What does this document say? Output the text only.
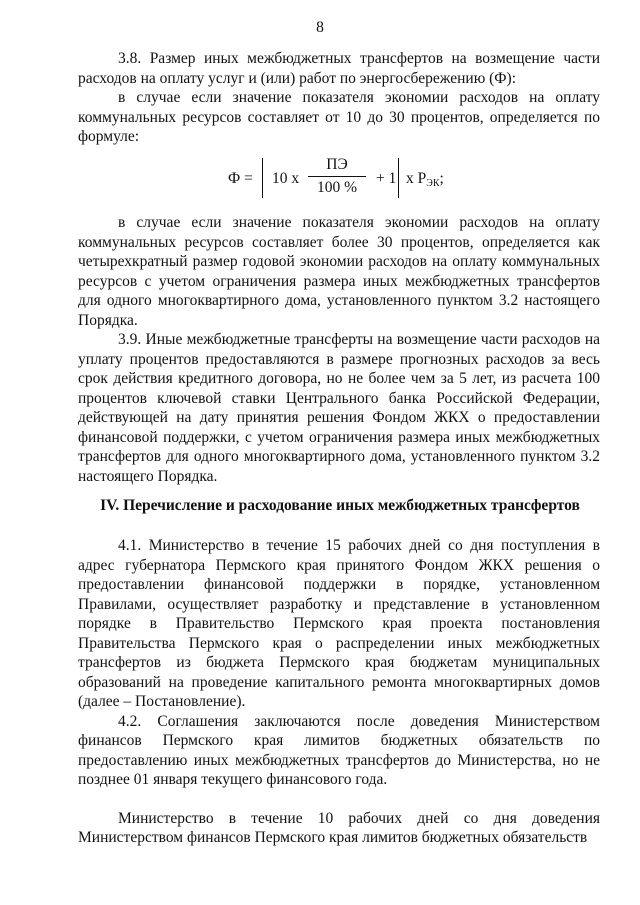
8

3.8. Размер иных межбюджетных трансфертов на возмещение части расходов на оплату услуг и (или) работ по энергосбережению (Ф):

в случае если значение показателя экономии расходов на оплату коммунальных ресурсов составляет от 10 до 30 процентов, определяется по формуле:

Ф = 10 x
ПЭ
100 %
+ 1 x $Р_{ЭК}$;

в случае если значение показателя экономии расходов на оплату коммунальных ресурсов составляет более 30 процентов, определяется как четырехкратный размер годовой экономии расходов на оплату коммунальных ресурсов с учетом ограничения размера иных межбюджетных трансфертов для одного многоквартирного дома, установленного пунктом 3.2 настоящего Порядка.

3.9. Иные межбюджетные трансферты на возмещение части расходов на уплату процентов предоставляются в размере прогнозных расходов за весь срок действия кредитного договора, но не более чем за 5 лет, из расчета 100 процентов ключевой ставки Центрального банка Российской Федерации, действующей на дату принятия решения Фондом ЖКХ о предоставлении финансовой поддержки, с учетом ограничения размера иных межбюджетных трансфертов для одного многоквартирного дома, установленного пунктом 3.2 настоящего Порядка.

IV. Перечисление и расходование иных межбюджетных трансфертов

4.1. Министерство в течение 15 рабочих дней со дня поступления в адрес губернатора Пермского края принятого Фондом ЖКХ решения о предоставлении финансовой поддержки в порядке, установленном Правилами, осуществляет разработку и представление в установленном порядке в Правительство Пермского края проекта постановления Правительства Пермского края о распределении иных межбюджетных трансфертов из бюджета Пермского края бюджетам муниципальных образований на проведение капитального ремонта многоквартирных домов (далее – Постановление).

4.2. Соглашения заключаются после доведения Министерством финансов Пермского края лимитов бюджетных обязательств по предоставлению иных межбюджетных трансфертов до Министерства, но не позднее 01 января текущего финансового года.

Министерство в течение 10 рабочих дней со дня доведения Министерством финансов Пермского края лимитов бюджетных обязательств
